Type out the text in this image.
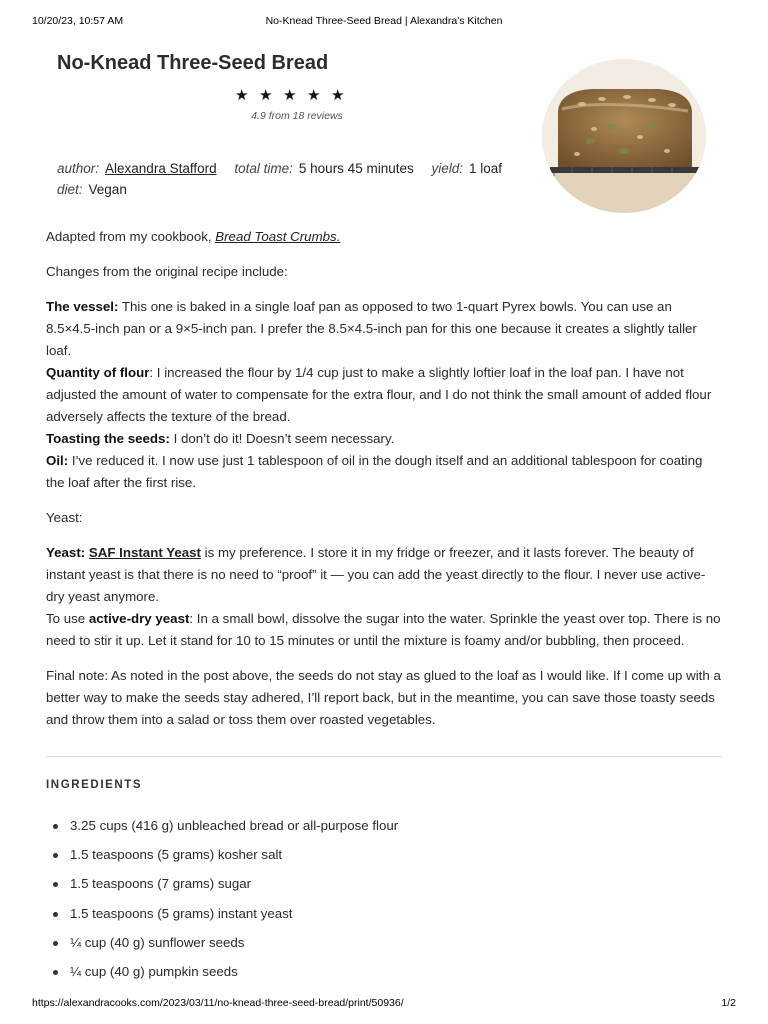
10/20/23, 10:57 AM	No-Knead Three-Seed Bread | Alexandra's Kitchen
No-Knead Three-Seed Bread
★ ★ ★ ★ ★
4.9 from 18 reviews
author: Alexandra Stafford total time: 5 hours 45 minutes yield: 1 loaf
diet: Vegan

Adapted from my cookbook, Bread Toast Crumbs.

Changes from the original recipe include:

The vessel: This one is baked in a single loaf pan as opposed to two 1-quart Pyrex bowls. You can use an 8.5×4.5-inch pan or a 9×5-inch pan. I prefer the 8.5×4.5-inch pan for this one because it creates a slightly taller loaf.
Quantity of flour: I increased the flour by 1/4 cup just to make a slightly loftier loaf in the loaf pan. I have not adjusted the amount of water to compensate for the extra flour, and I do not think the small amount of added flour adversely affects the texture of the bread.
Toasting the seeds: I don’t do it! Doesn’t seem necessary.
Oil: I’ve reduced it. I now use just 1 tablespoon of oil in the dough itself and an additional tablespoon for coating the loaf after the first rise.

Yeast:

Yeast: SAF Instant Yeast is my preference. I store it in my fridge or freezer, and it lasts forever. The beauty of instant yeast is that there is no need to “proof” it — you can add the yeast directly to the flour. I never use active-dry yeast anymore.
To use active-dry yeast: In a small bowl, dissolve the sugar into the water. Sprinkle the yeast over top. There is no need to stir it up. Let it stand for 10 to 15 minutes or until the mixture is foamy and/or bubbling, then proceed.

Final note: As noted in the post above, the seeds do not stay as glued to the loaf as I would like. If I come up with a better way to make the seeds stay adhered, I’ll report back, but in the meantime, you can save those toasty seeds and throw them into a salad or toss them over roasted vegetables.

INGREDIENTS
3.25 cups (416 g) unbleached bread or all-purpose flour
1.5 teaspoons (5 grams) kosher salt
1.5 teaspoons (7 grams) sugar
1.5 teaspoons (5 grams) instant yeast
¼ cup (40 g) sunflower seeds
¼ cup (40 g) pumpkin seeds
https://alexandracooks.com/2023/03/11/no-knead-three-seed-bread/print/50936/	1/2
